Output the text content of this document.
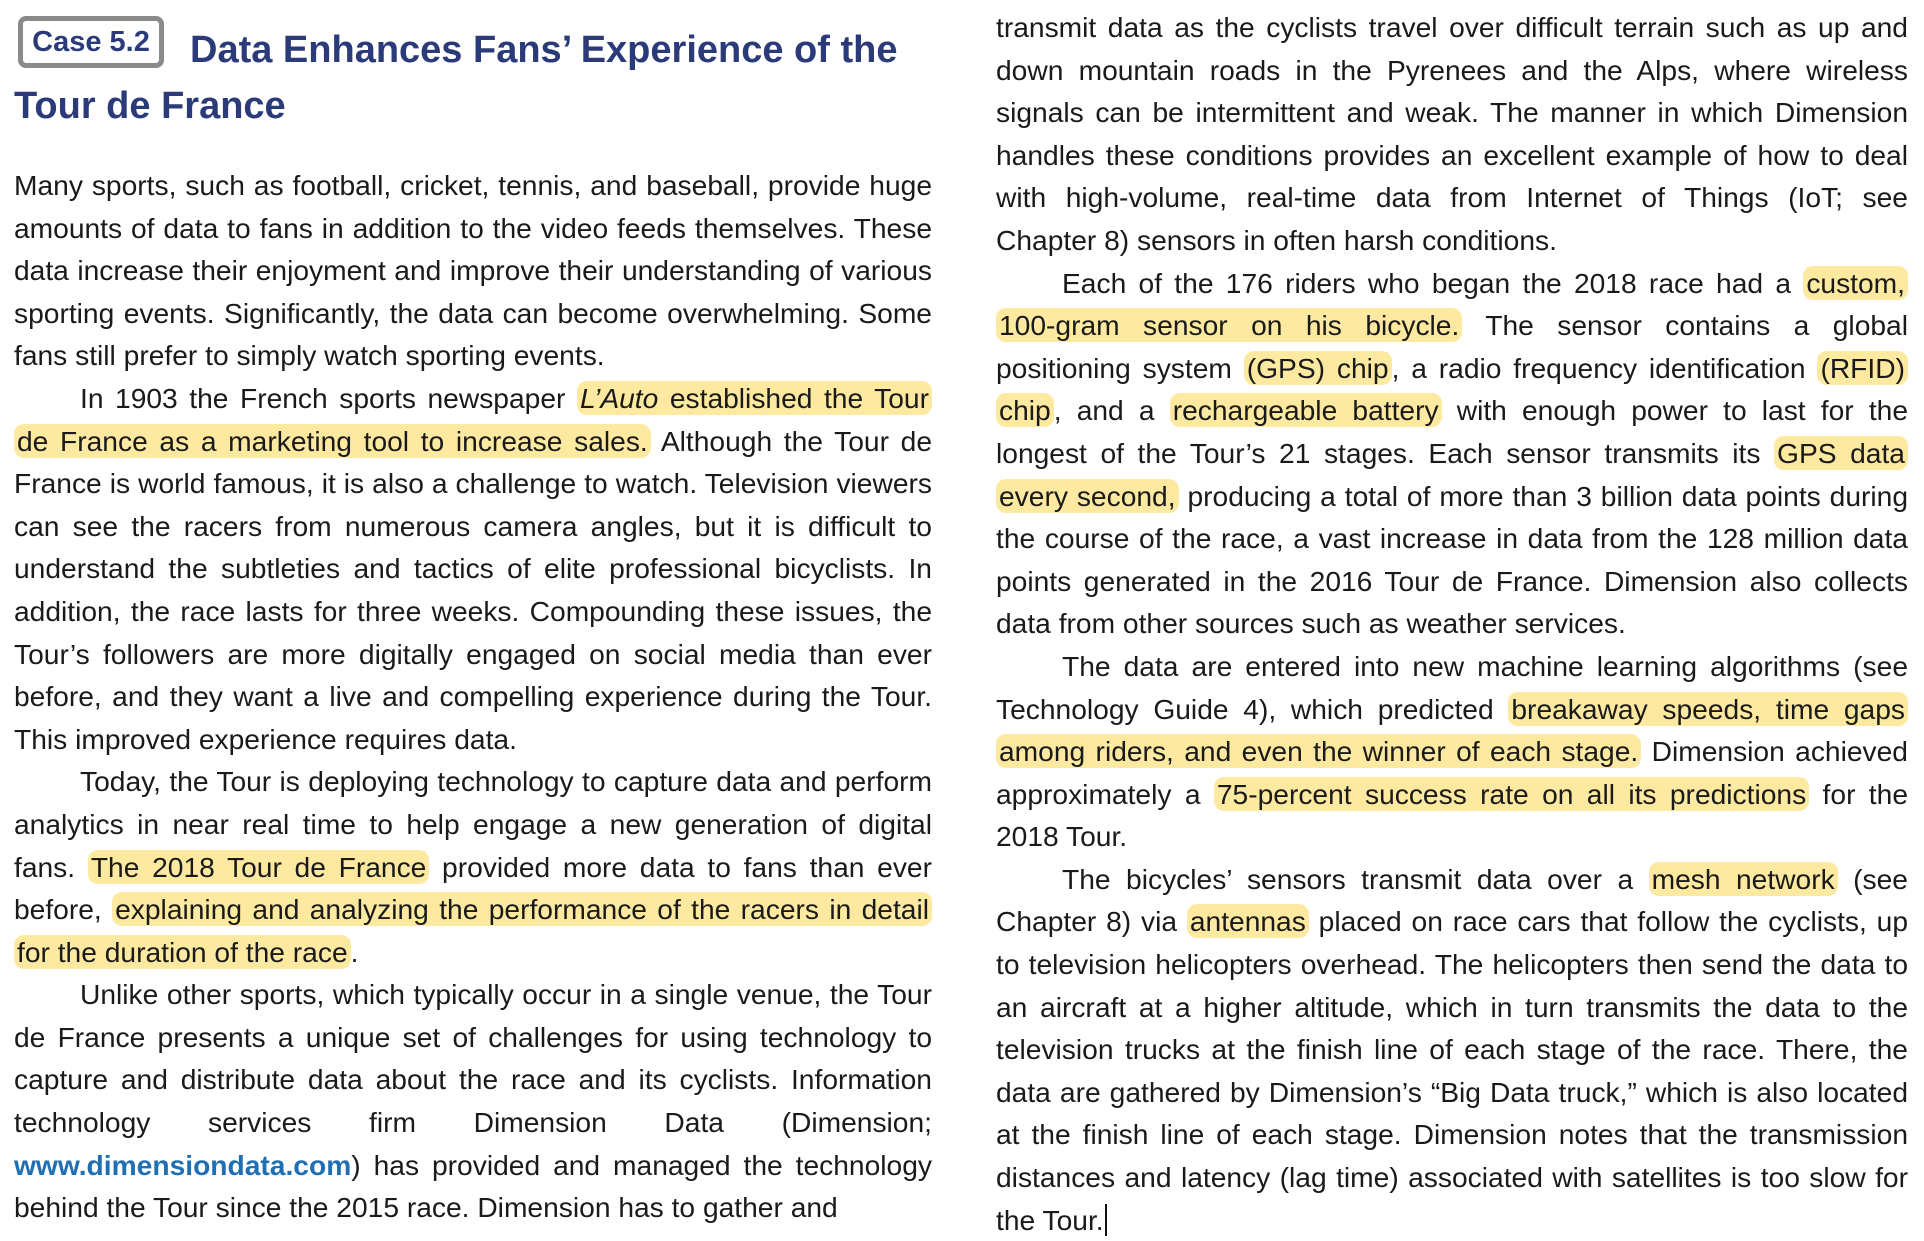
Data Enhances Fans’ Experience of the Tour de France
Case 5.2

Many sports, such as football, cricket, tennis, and baseball, provide huge amounts of data to fans in addition to the video feeds themselves. These data increase their enjoyment and improve their understanding of various sporting events. Significantly, the data can become overwhelming. Some fans still prefer to simply watch sporting events.

In 1903 the French sports newspaper L’Auto established the Tour de France as a marketing tool to increase sales. Although the Tour de France is world famous, it is also a challenge to watch. Television viewers can see the racers from numerous camera angles, but it is difficult to understand the subtleties and tactics of elite professional bicyclists. In addition, the race lasts for three weeks. Compounding these issues, the Tour’s followers are more digitally engaged on social media than ever before, and they want a live and compelling experience during the Tour. This improved experience requires data.

Today, the Tour is deploying technology to capture data and perform analytics in near real time to help engage a new generation of digital fans. The 2018 Tour de France provided more data to fans than ever before, explaining and analyzing the performance of the racers in detail for the duration of the race .

Unlike other sports, which typically occur in a single venue, the Tour de France presents a unique set of challenges for using technology to capture and distribute data about the race and its cyclists. Information technology services firm Dimension Data (Dimension; www.dimensiondata.com) has provided and managed the technology behind the Tour since the 2015 race. Dimension has to gather and

transmit data as the cyclists travel over difficult terrain such as up and down mountain roads in the Pyrenees and the Alps, where wireless signals can be intermittent and weak. The manner in which Dimension handles these conditions provides an excellent example of how to deal with high-volume, real-time data from Internet of Things (IoT; see Chapter 8) sensors in often harsh conditions.

Each of the 176 riders who began the 2018 race had a custom, 100-gram sensor on his bicycle. The sensor contains a global positioning system (GPS) chip , a radio frequency identification (RFID) chip , and a rechargeable battery with enough power to last for the longest of the Tour’s 21 stages. Each sensor transmits its GPS data every second, producing a total of more than 3 billion data points during the course of the race, a vast increase in data from the 128 million data points generated in the 2016 Tour de France. Dimension also collects data from other sources such as weather services.

The data are entered into new machine learning algorithms (see Technology Guide 4), which predicted breakaway speeds, time gaps among riders, and even the winner of each stage. Dimension achieved approximately a 75-percent success rate on all its predictions for the 2018 Tour.

The bicycles’ sensors transmit data over a mesh network (see Chapter 8) via antennas placed on race cars that follow the cyclists, up to television helicopters overhead. The helicopters then send the data to an aircraft at a higher altitude, which in turn transmits the data to the television trucks at the finish line of each stage of the race. There, the data are gathered by Dimension’s “Big Data truck,” which is also located at the finish line of each stage. Dimension notes that the transmission distances and latency (lag time) associated with satellites is too slow for the Tour.
